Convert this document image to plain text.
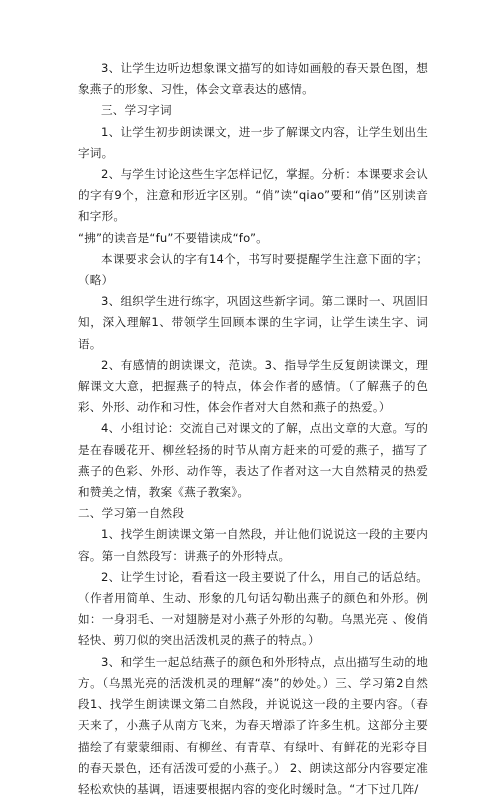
3、让学生边听边想象课文描写的如诗如画般的春天景色图，想象燕子的形象、习性，体会文章表达的感情。

三、学习字词

1、让学生初步朗读课文，进一步了解课文内容，让学生划出生字词。

2、与学生讨论这些生字怎样记忆，掌握。分析：本课要求会认的字有9个，注意和形近字区别。“俏”读“qiao”要和“俏”区别读音和字形。

“拂”的读音是“fu”不要错读成“fo”。

本课要求会认的字有14个，书写时要提醒学生注意下面的字；（略）

3、组织学生进行练字，巩固这些新字词。第二课时一、巩固旧知，深入理解1、带领学生回顾本课的生字词，让学生读生字、词语。

2、有感情的朗读课文，范读。3、指导学生反复朗读课文，理解课文大意，把握燕子的特点，体会作者的感情。（了解燕子的色彩、外形、动作和习性，体会作者对大自然和燕子的热爱。）

4、小组讨论：交流自己对课文的了解，点出文章的大意。写的是在春暖花开、柳丝轻扬的时节从南方赶来的可爱的燕子，描写了燕子的色彩、外形、动作等，表达了作者对这一大自然精灵的热爱和赞美之情，教案《燕子教案》。

二、学习第一自然段

1、找学生朗读课文第一自然段，并让他们说说这一段的主要内容。第一自然段写：讲燕子的外形特点。

2、让学生讨论，看看这一段主要说了什么，用自己的话总结。（作者用简单、生动、形象的几句话勾勒出燕子的颜色和外形。例如：一身羽毛、一对翅膀是对小燕子外形的勾勒。乌黑光亮 、俊俏轻快、剪刀似的突出活泼机灵的燕子的特点。）

3、和学生一起总结燕子的颜色和外形特点，点出描写生动的地方。（乌黑光亮的活泼机灵的理解“凑”的妙处。）三、学习第2自然段1、找学生朗读课文第二自然段，并说说这一段的主要内容。（春天来了，小燕子从南方飞来，为春天增添了许多生机。这部分主要描绘了有蒙蒙细雨、有柳丝、有青草、有绿叶、有鲜花的光彩夺目的春天景色，还有活泼可爱的小燕子。） 2、朗读这部分内容要定准轻松欢快的基调，语速要根据内容的变化时缓时急。“才下过几阵/
